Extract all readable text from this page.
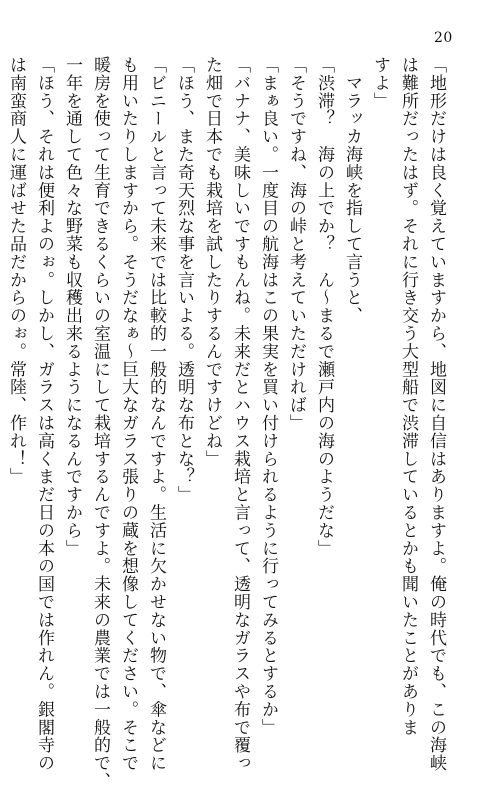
20
「地形だけは良く覚えていますから、地図に自信はありますよ。俺の時代でも、この海峡
は難所だったはず。それに行き交う大型船で渋滞しているとかも聞いたことがありま
すよ」
　マラッカ海峡を指して言うと、
「渋滞？　海の上でか？　ん〜まるで瀬戸内の海のようだな」
「そうですね、海の峠と考えていただければ」
「まぁ良い。一度目の航海はこの果実を買い付けられるように行ってみるとするか」
「バナナ、美味しいですもんね。未来だとハウス栽培と言って、透明なガラスや布で覆っ
た畑で日本でも栽培を試したりするんですけどね」
「ほう、また奇天烈な事を言いよる。透明な布とな？」
「ビニールと言って未来では比較的一般的なんですよ。生活に欠かせない物で、傘などに
も用いたりしますから。そうだなぁ〜巨大なガラス張りの蔵を想像してください。そこで
暖房を使って生育できるくらいの室温にして栽培するんですよ。未来の農業では一般的で、
一年を通して色々な野菜も収穫出来るようになるんですから」
「ほう、それは便利よのぉ。しかし、ガラスは高くまだ日の本の国では作れん。銀閣寺の
は南蛮商人に運ばせた品だからのぉ。常陸、作れ！」
